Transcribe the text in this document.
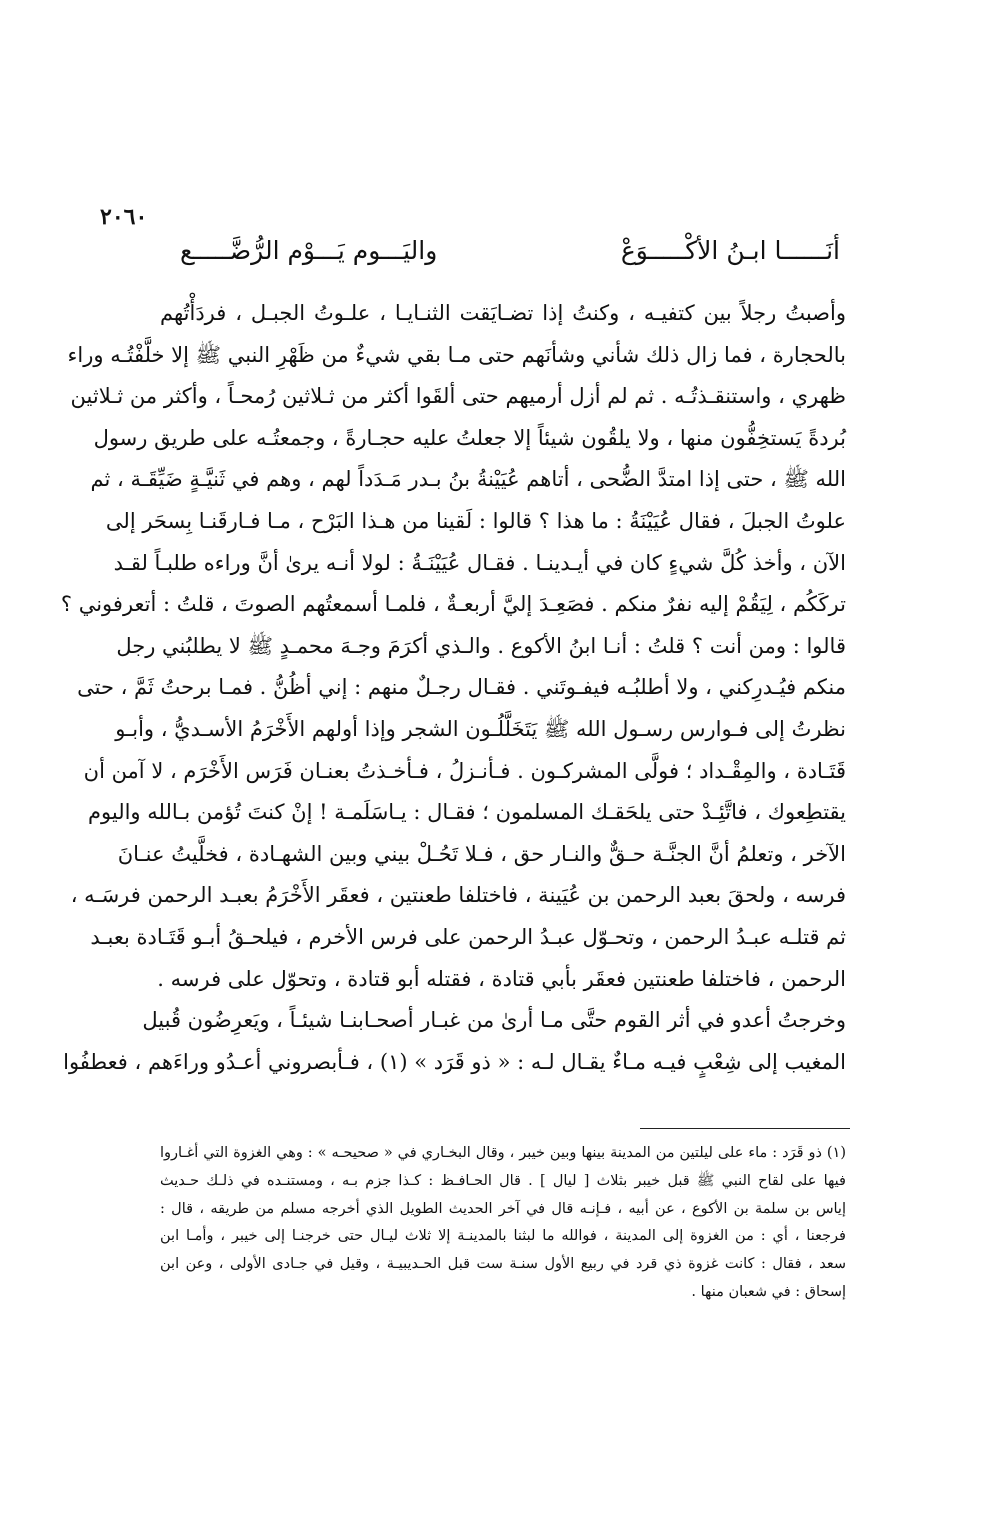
٢٠٦٠
أنَــــــا ابـنُ الأكْـــــوَعْ
واليَـــوم يَـــوْم الرُّضَّـــــع
وأصبتُ رجلاً بين كتفيـه ، وكنتُ إذا تضـايَقت الثنـايـا ، علـوتُ الجبـل ، فردَأْتُهم
بالحجارة ، فما زال ذلك شأني وشأنَهم حتى مـا بقي شيءٌ من ظَهْرِ النبي ﷺ إلا خلَّفْتُـه وراء
ظهري ، واستنقـذتُـه . ثم لم أزل أرميهم حتى ألقَوا أكثر من ثـلاثين رُمحـاً ، وأكثر من ثـلاثين
بُردةً يَستخِفُّون منها ، ولا يلقُون شيئاً إلا جعلتُ عليه حجـارةً ، وجمعتُـه على طريق رسول
الله ﷺ ، حتى إذا امتدَّ الضُّحى ، أتاهم عُيَيْنةُ بنُ بـدر مَـدَداً لهم ، وهم في ثَنيَّـةٍ ضَيِّقَـة ، ثم
علوتُ الجبلَ ، فقال عُيَيْنَةُ : ما هذا ؟ قالوا : لَقينا من هـذا البَرْح ، مـا فـارقَنـا بِسحَر إلى
الآن ، وأخذ كُلَّ شيءٍ كان في أيـدينـا . فقـال عُيَيْنَـةُ : لولا أنـه يرىٰ أنَّ وراءه طلبـاً لقـد
تركَكُم ، لِيَقُمْ إليه نفرٌ منكم . فصَعِـدَ إليَّ أربعـةٌ ، فلمـا أسمعتُهم الصوتَ ، قلتُ : أتعرفوني ؟
قالوا : ومن أنت ؟ قلتُ : أنـا ابنُ الأكوع . والـذي أكرَمَ وجـهَ محمـدٍ ﷺ لا يطلبُني رجل
منكم فيُـدرِكني ، ولا أطلبُـه فيفـوتَني . فقـال رجـلٌ منهم : إني أظُنُّ . فمـا برحتُ ثَمَّ ، حتى
نظرتُ إلى فـوارس رسـول الله ﷺ يَتَخَلَّلُـون الشجر وإذا أولهم الأَخْرَمُ الأسـديُّ ، وأبـو
قَتَـادة ، والمِقْـداد ؛ فولَّى المشركـون . فـأنـزلُ ، فـأخـذتُ بعنـان فَرَس الأَخْرَم ، لا آمن أن
يقتطِعوك ، فاتَّئِـدْ حتى يلحَقـك المسلمون ؛ فقـال : يـاسَلَمـة ! إنْ كنتَ تُؤمن بـالله واليوم
الآخر ، وتعلمُ أنَّ الجنَّـة حـقٌّ والنـار حق ، فـلا تَحُـلْ بيني وبين الشهـادة ، فخلَّيتُ عنـانَ
فرسه ، ولحقَ بعبد الرحمن بن عُيَينة ، فاختلفا طعنتين ، فعقَر الأَخْرَمُ بعبـد الرحمن فرسَـه ،
ثم قتلـه عبـدُ الرحمن ، وتحـوّل عبـدُ الرحمن على فرس الأخرم ، فيلحـقُ أبـو قَتَـادة بعبـد
الرحمن ، فاختلفا طعنتين فعقَر بأبي قتادة ، فقتله أبو قتادة ، وتحوّل على فرسه .
وخرجتُ أعدو في أثر القوم حتَّى مـا أرىٰ من غبـار أصحـابنـا شيئـاً ، ويَعرِضُون قُبيل
المغيب إلى شِعْبٍ فيـه مـاءٌ يقـال لـه : « ذو قَرَد » (١) ، فـأبصروني أعـدُو وراءَهم ، فعطفُوا
(١) ذو قَرَد : ماء على ليلتين من المدينة بينها وبين خيبر ، وقال البخـاري في « صحيحـه » : وهي الغزوة التي أغـاروا
فيها على لقاح النبي ﷺ قبل خيبر بثلاث [ ليال ] . قال الحـافـظ : كـذا جزم بـه ، ومستنـده في ذلـك حـديث
إياس بن سلمة بن الأكوع ، عن أبيه ، فـإنـه قال في آخر الحديث الطويل الذي أخرجه مسلم من طريقه ، قال :
فرجعنا ، أي : من الغزوة إلى المدينة ، فوالله ما لبثنا بالمدينـة إلا ثلاث ليـال حتى خرجنـا إلى خيبر ، وأمـا ابن
سعد ، فقال : كانت غزوة ذي قرد في ربيع الأول سنـة ست قبل الحـديبيـة ، وقيل في جـادى الأولى ، وعن ابن
إسحاق : في شعبان منها .
